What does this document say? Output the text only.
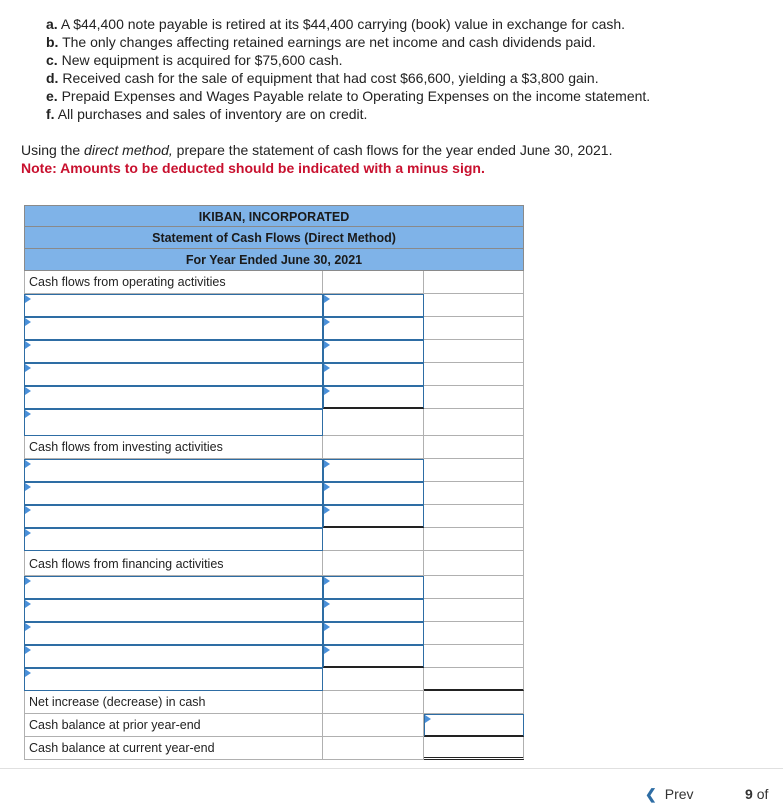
a. A $44,400 note payable is retired at its $44,400 carrying (book) value in exchange for cash.
b. The only changes affecting retained earnings are net income and cash dividends paid.
c. New equipment is acquired for $75,600 cash.
d. Received cash for the sale of equipment that had cost $66,600, yielding a $3,800 gain.
e. Prepaid Expenses and Wages Payable relate to Operating Expenses on the income statement.
f. All purchases and sales of inventory are on credit.
Using the direct method, prepare the statement of cash flows for the year ended June 30, 2021.
Note: Amounts to be deducted should be indicated with a minus sign.
IKIBAN, INCORPORATED
Statement of Cash Flows (Direct Method)
For Year Ended June 30, 2021
Cash flows from operating activities
Cash flows from investing activities
Cash flows from financing activities
Net increase (decrease) in cash
Cash balance at prior year-end
Cash balance at current year-end
❮ Prev	9 of
